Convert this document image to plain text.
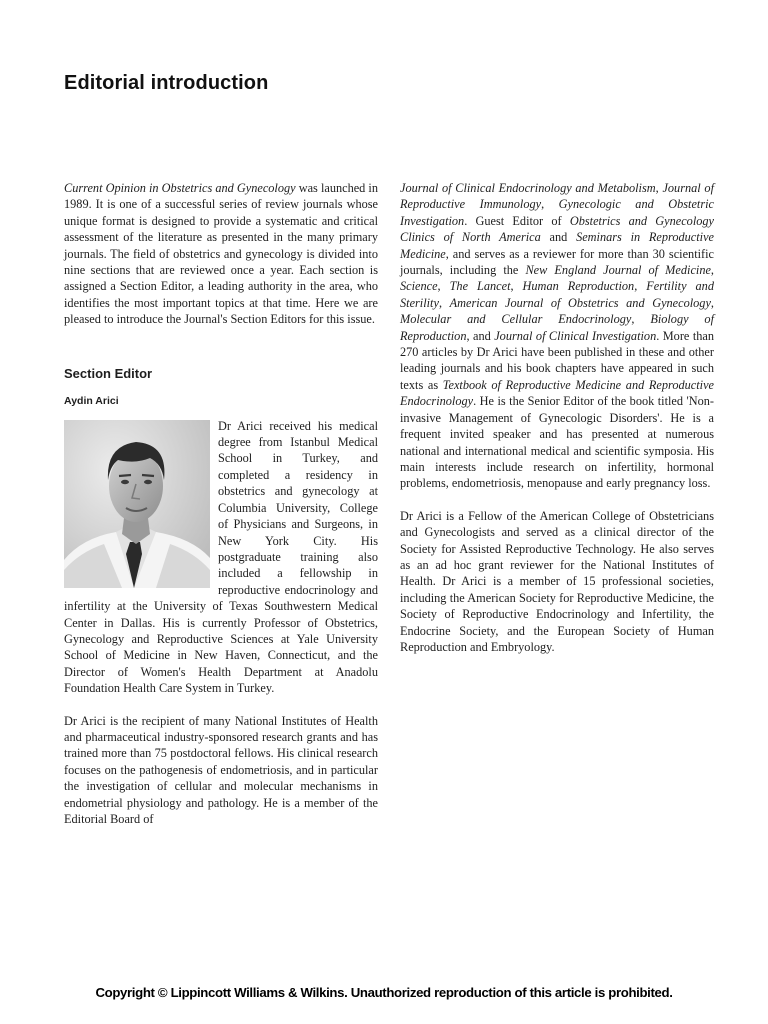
Editorial introduction

Current Opinion in Obstetrics and Gynecology was launched in 1989. It is one of a successful series of review journals whose unique format is designed to provide a systematic and critical assessment of the literature as presented in the many primary journals. The field of obstetrics and gynecology is divided into nine sections that are reviewed once a year. Each section is assigned a Section Editor, a leading authority in the area, who identifies the most important topics at that time. Here we are pleased to introduce the Journal's Section Editors for this issue.

Section Editor
Aydin Arici

Dr Arici received his medical degree from Istanbul Medical School in Turkey, and completed a residency in obstetrics and gynecology at Columbia University, College of Physicians and Surgeons, in New York City. His postgraduate training also included a fellowship in reproductive endocrinology and infertility at the University of Texas Southwestern Medical Center in Dallas. His is currently Professor of Obstetrics, Gynecology and Reproductive Sciences at Yale University School of Medicine in New Haven, Connecticut, and the Director of Women's Health Department at Anadolu Foundation Health Care System in Turkey.

Dr Arici is the recipient of many National Institutes of Health and pharmaceutical industry-sponsored research grants and has trained more than 75 postdoctoral fellows. His clinical research focuses on the pathogenesis of endometriosis, and in particular the investigation of cellular and molecular mechanisms in endometrial physiology and pathology. He is a member of the Editorial Board of

Journal of Clinical Endocrinology and Metabolism, Journal of Reproductive Immunology, Gynecologic and Obstetric Investigation. Guest Editor of Obstetrics and Gynecology Clinics of North America and Seminars in Reproductive Medicine, and serves as a reviewer for more than 30 scientific journals, including the New England Journal of Medicine, Science, The Lancet, Human Reproduction, Fertility and Sterility, American Journal of Obstetrics and Gynecology, Molecular and Cellular Endocrinology, Biology of Reproduction, and Journal of Clinical Investigation. More than 270 articles by Dr Arici have been published in these and other leading journals and his book chapters have appeared in such texts as Textbook of Reproductive Medicine and Reproductive Endocrinology. He is the Senior Editor of the book titled 'Non-invasive Management of Gynecologic Disorders'. He is a frequent invited speaker and has presented at numerous national and international medical and scientific symposia. His main interests include research on infertility, hormonal problems, endometriosis, menopause and early pregnancy loss.

Dr Arici is a Fellow of the American College of Obstetricians and Gynecologists and served as a clinical director of the Society for Assisted Reproductive Technology. He also serves as an ad hoc grant reviewer for the National Institutes of Health. Dr Arici is a member of 15 professional societies, including the American Society for Reproductive Medicine, the Society of Reproductive Endocrinology and Infertility, the Endocrine Society, and the European Society of Human Reproduction and Embryology.

Copyright © Lippincott Williams & Wilkins. Unauthorized reproduction of this article is prohibited.
